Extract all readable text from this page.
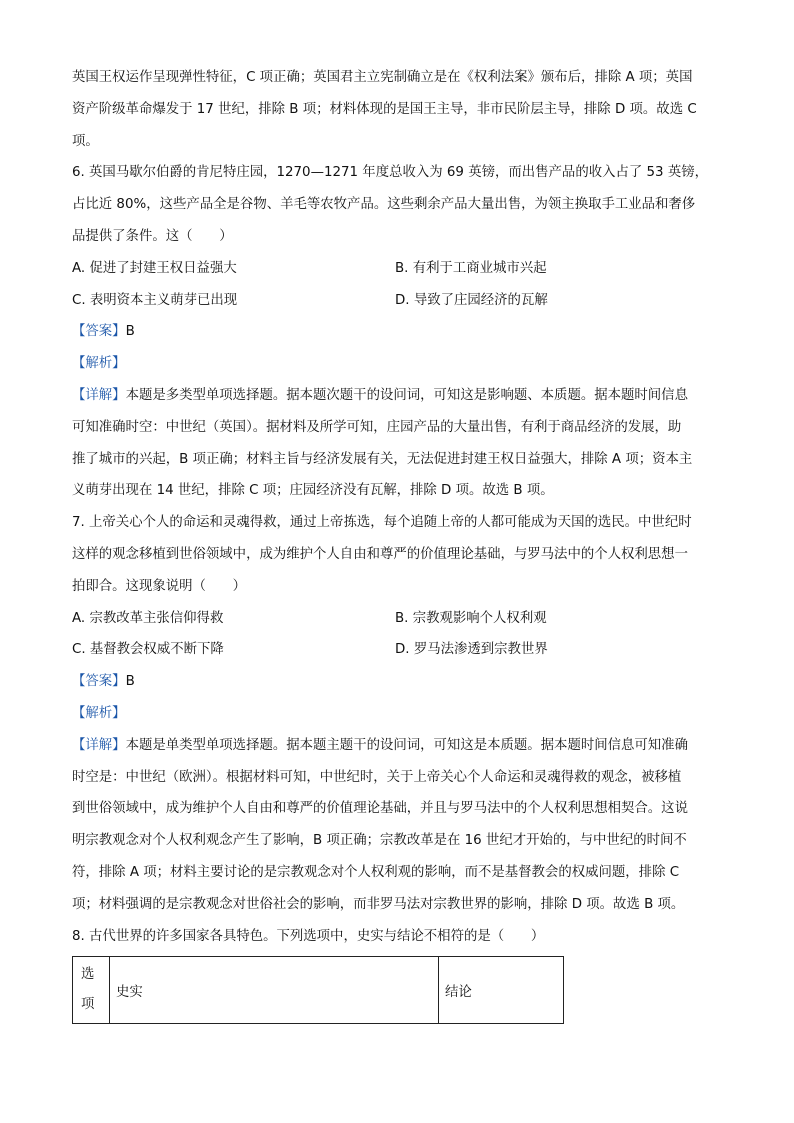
英国王权运作呈现弹性特征，C 项正确；英国君主立宪制确立是在《权利法案》颁布后，排除 A 项；英国

资产阶级革命爆发于 17 世纪，排除 B 项；材料体现的是国王主导，非市民阶层主导，排除 D 项。故选 C

项。

6. 英国马歇尔伯爵的肯尼特庄园，1270—1271 年度总收入为 69 英镑，而出售产品的收入占了 53 英镑，

占比近 80%，这些产品全是谷物、羊毛等农牧产品。这些剩余产品大量出售，为领主换取手工业品和奢侈

品提供了条件。这（　　）

A. 促进了封建王权日益强大	B. 有利于工商业城市兴起
C. 表明资本主义萌芽已出现	D. 导致了庄园经济的瓦解

【答案】B

【解析】

【详解】本题是多类型单项选择题。据本题次题干的设问词，可知这是影响题、本质题。据本题时间信息

可知准确时空：中世纪（英国）。据材料及所学可知，庄园产品的大量出售，有利于商品经济的发展，助

推了城市的兴起，B 项正确；材料主旨与经济发展有关，无法促进封建王权日益强大，排除 A 项；资本主

义萌芽出现在 14 世纪，排除 C 项；庄园经济没有瓦解，排除 D 项。故选 B 项。

7. 上帝关心个人的命运和灵魂得救，通过上帝拣选，每个追随上帝的人都可能成为天国的选民。中世纪时

这样的观念移植到世俗领域中，成为维护个人自由和尊严的价值理论基础，与罗马法中的个人权利思想一

拍即合。这现象说明（　　）

A. 宗教改革主张信仰得救	B. 宗教观影响个人权利观
C. 基督教会权威不断下降	D. 罗马法渗透到宗教世界

【答案】B

【解析】

【详解】本题是单类型单项选择题。据本题主题干的设问词，可知这是本质题。据本题时间信息可知准确

时空是：中世纪（欧洲）。根据材料可知，中世纪时，关于上帝关心个人命运和灵魂得救的观念，被移植

到世俗领域中，成为维护个人自由和尊严的价值理论基础，并且与罗马法中的个人权利思想相契合。这说

明宗教观念对个人权利观念产生了影响，B 项正确；宗教改革是在 16 世纪才开始的，与中世纪的时间不

符，排除 A 项；材料主要讨论的是宗教观念对个人权利观的影响，而不是基督教会的权威问题，排除 C

项；材料强调的是宗教观念对世俗社会的影响，而非罗马法对宗教世界的影响，排除 D 项。故选 B 项。

8. 古代世界的许多国家各具特色。下列选项中，史实与结论不相符的是（　　）

选
项
	史实	结论
